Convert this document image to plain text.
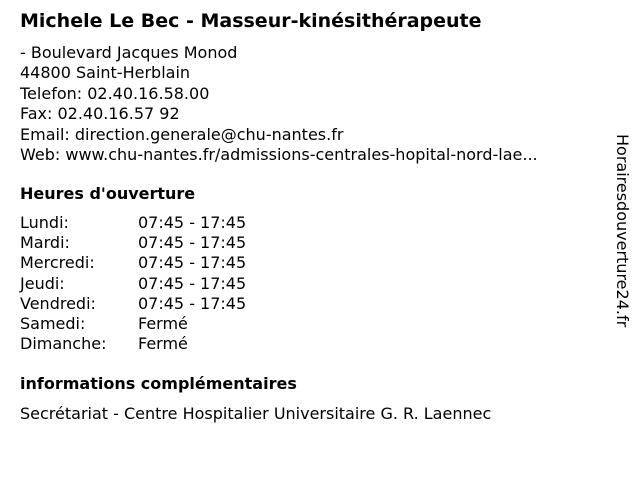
Michele Le Bec - Masseur-kinésithérapeute
- Boulevard Jacques Monod
44800 Saint-Herblain
Telefon: 02.40.16.58.00
Fax: 02.40.16.57 92
Email: direction.generale@chu-nantes.fr
Web: www.chu-nantes.fr/admissions-centrales-hopital-nord-lae...
Heures d'ouverture
Lundi:	07:45 - 17:45
Mardi:	07:45 - 17:45
Mercredi:	07:45 - 17:45
Jeudi:	07:45 - 17:45
Vendredi:	07:45 - 17:45
Samedi:	Fermé
Dimanche: Fermé
informations complémentaires
Secrétariat - Centre Hospitalier Universitaire G. R. Laennec
Horairesdouverture24.fr
